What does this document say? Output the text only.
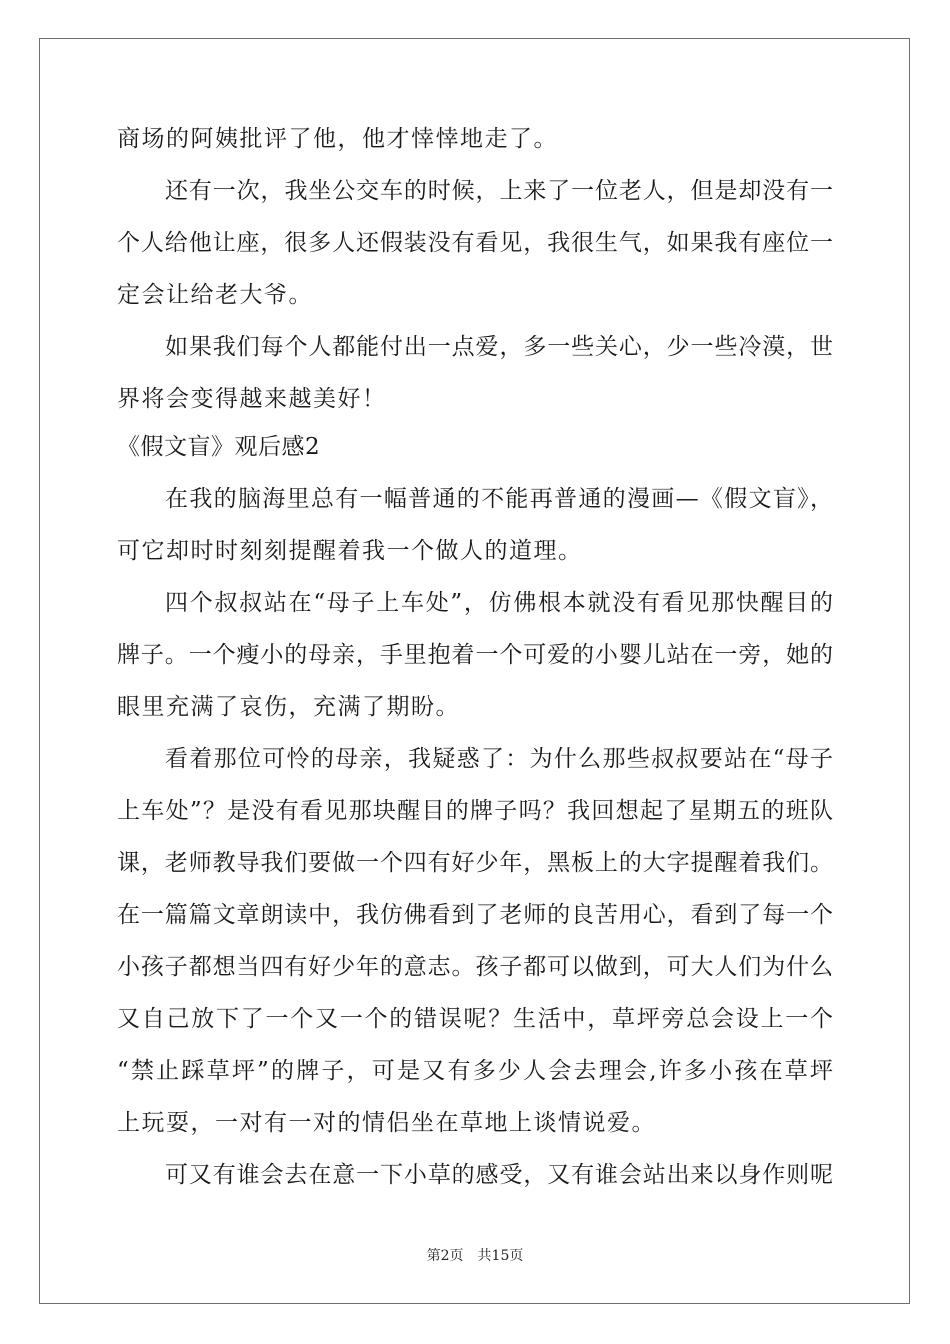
商场的阿姨批评了他，他才悻悻地走了。
还有一次，我坐公交车的时候，上来了一位老人，但是却没有一
个人给他让座，很多人还假装没有看见，我很生气，如果我有座位一
定会让给老大爷。
如果我们每个人都能付出一点爱，多一些关心，少一些冷漠，世
界将会变得越来越美好！
《假文盲》观后感2
在我的脑海里总有一幅普通的不能再普通的漫画—《假文盲》，
可它却时时刻刻提醒着我一个做人的道理。
四个叔叔站在“母子上车处”，仿佛根本就没有看见那快醒目的
牌子。一个瘦小的母亲，手里抱着一个可爱的小婴儿站在一旁，她的
眼里充满了哀伤，充满了期盼。
看着那位可怜的母亲，我疑惑了：为什么那些叔叔要站在“母子
上车处”？是没有看见那块醒目的牌子吗？我回想起了星期五的班队
课，老师教导我们要做一个四有好少年，黑板上的大字提醒着我们。
在一篇篇文章朗读中，我仿佛看到了老师的良苦用心，看到了每一个
小孩子都想当四有好少年的意志。孩子都可以做到，可大人们为什么
又自己放下了一个又一个的错误呢？生活中，草坪旁总会设上一个
“禁止踩草坪”的牌子，可是又有多少人会去理会,许多小孩在草坪
上玩耍，一对有一对的情侣坐在草地上谈情说爱。
可又有谁会去在意一下小草的感受，又有谁会站出来以身作则呢
第2页　共15页
